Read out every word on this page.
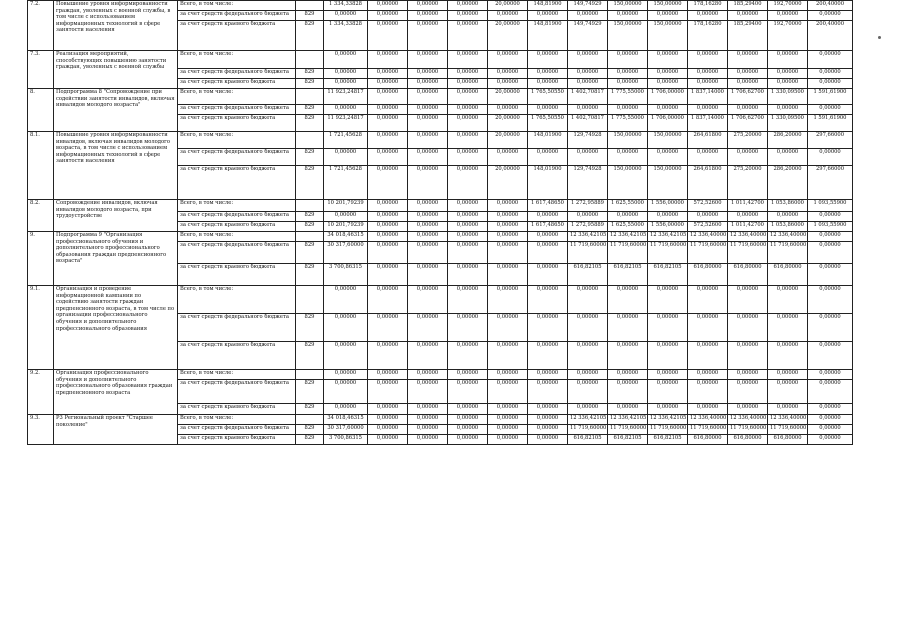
7.2.	Повышение уровня информированности граждан, уволенных с военной службы, в том числе с использованием информационных технологий в сфере занятости населения	Всего, в том числе:		1 334,33828	0,00000	0,00000	0,00000	20,00000	148,81900	149,74929	150,00000	150,00000	178,16280	185,29400	192,70000	200,40000
		за счет средств федерального бюджета	829	0,00000	0,00000	0,00000	0,00000	0,00000	0,00000	0,00000	0,00000	0,00000	0,00000	0,00000	0,00000	0,00000
		за счет средств краевого бюджета	829	1 334,33828	0,00000	0,00000	0,00000	20,00000	148,81900	149,74929	150,00000	150,00000	178,16280	185,29400	192,70000	200,40000
7.3.	Реализация мероприятий, способствующих повышению занятости граждан, уволенных с военной службы	Всего, в том числе:		0,00000	0,00000	0,00000	0,00000	0,00000	0,00000	0,00000	0,00000	0,00000	0,00000	0,00000	0,00000	0,00000
		за счет средств федерального бюджета	829	0,00000	0,00000	0,00000	0,00000	0,00000	0,00000	0,00000	0,00000	0,00000	0,00000	0,00000	0,00000	0,00000
		за счет средств краевого бюджета	829	0,00000	0,00000	0,00000	0,00000	0,00000	0,00000	0,00000	0,00000	0,00000	0,00000	0,00000	0,00000	0,00000
8.	Подпрограмма 8 "Сопровождение при содействии занятости инвалидов, включая инвалидов молодого возраста"	Всего, в том числе:		11 923,24817	0,00000	0,00000	0,00000	20,00000	1 765,50550	1 402,70817	1 775,55000	1 706,00000	1 837,14000	1 706,62700	1 330,09500	1 591,61900
		за счет средств федерального бюджета	829	0,00000	0,00000	0,00000	0,00000	0,00000	0,00000	0,00000	0,00000	0,00000	0,00000	0,00000	0,00000	0,00000
		за счет средств краевого бюджета	829	11 923,24817	0,00000	0,00000	0,00000	20,00000	1 765,50550	1 402,70817	1 775,55000	1 706,00000	1 837,14000	1 706,62700	1 330,09500	1 591,61900
8.1.	Повышение уровня информированности инвалидов, включая инвалидов молодого возраста, в том числе с использованием информационных технологий в сфере занятости населения	Всего, в том числе:		1 721,45628	0,00000	0,00000	0,00000	20,00000	148,01900	129,74928	150,00000	150,00000	264,61800	275,20000	286,20000	297,66000
		за счет средств федерального бюджета	829	0,00000	0,00000	0,00000	0,00000	0,00000	0,00000	0,00000	0,00000	0,00000	0,00000	0,00000	0,00000	0,00000
		за счет средств краевого бюджета	829	1 721,45628	0,00000	0,00000	0,00000	20,00000	148,01900	129,74928	150,00000	150,00000	264,61800	275,20000	286,20000	297,66000
8.2.	Сопровождение инвалидов, включая инвалидов молодого возраста, при трудоустройстве	Всего, в том числе:		10 201,79239	0,00000	0,00000	0,00000	0,00000	1 617,48650	1 272,95889	1 625,55000	1 556,00000	572,52600	1 011,42700	1 053,86000	1 093,55900
		за счет средств федерального бюджета	829	0,00000	0,00000	0,00000	0,00000	0,00000	0,00000	0,00000	0,00000	0,00000	0,00000	0,00000	0,00000	0,00000
		за счет средств краевого бюджета	829	10 201,79239	0,00000	0,00000	0,00000	0,00000	1 617,48650	1 272,95889	1 625,55000	1 556,00000	572,52600	1 011,42700	1 053,86000	1 093,55900
9.	Подпрограмма 9 "Организация профессионального обучения и дополнительного профессионального образования граждан предпенсионного возраста"	Всего, в том числе:		34 018,46315	0,00000	0,00000	0,00000	0,00000	0,00000	12 336,42105	12 336,42105	12 336,42105	12 336,40000	12 336,40000	12 336,40000	0,00000
		за счет средств федерального бюджета	829	30 317,60000	0,00000	0,00000	0,00000	0,00000	0,00000	11 719,60000	11 719,60000	11 719,60000	11 719,60000	11 719,60000	11 719,60000	0,00000
		за счет средств краевого бюджета	829	3 700,86315	0,00000	0,00000	0,00000	0,00000	0,00000	616,82105	616,82105	616,82105	616,80000	616,80000	616,80000	0,00000
9.1.	Организация и проведение информационной кампании по содействию занятости граждан предпенсионного возраста, в том числе по организации профессионального обучения и дополнительного профессионального образования	Всего, в том числе:		0,00000	0,00000	0,00000	0,00000	0,00000	0,00000	0,00000	0,00000	0,00000	0,00000	0,00000	0,00000	0,00000
		за счет средств федерального бюджета	829	0,00000	0,00000	0,00000	0,00000	0,00000	0,00000	0,00000	0,00000	0,00000	0,00000	0,00000	0,00000	0,00000
		за счет средств краевого бюджета	829	0,00000	0,00000	0,00000	0,00000	0,00000	0,00000	0,00000	0,00000	0,00000	0,00000	0,00000	0,00000	0,00000
9.2.	Организация профессионального обучения и дополнительного профессионального образования граждан предпенсионного возраста	Всего, в том числе:		0,00000	0,00000	0,00000	0,00000	0,00000	0,00000	0,00000	0,00000	0,00000	0,00000	0,00000	0,00000	0,00000
		за счет средств федерального бюджета	829	0,00000	0,00000	0,00000	0,00000	0,00000	0,00000	0,00000	0,00000	0,00000	0,00000	0,00000	0,00000	0,00000
		за счет средств краевого бюджета	829	0,00000	0,00000	0,00000	0,00000	0,00000	0,00000	0,00000	0,00000	0,00000	0,00000	0,00000	0,00000	0,00000
9.3.	Р3 Региональный проект "Старшее поколение"	Всего, в том числе:		34 018,46315	0,00000	0,00000	0,00000	0,00000	0,00000	12 336,42105	12 336,42105	12 336,42105	12 336,40000	12 336,40000	12 336,40000	0,00000
		за счет средств федерального бюджета	829	30 317,60000	0,00000	0,00000	0,00000	0,00000	0,00000	11 719,60000	11 719,60000	11 719,60000	11 719,60000	11 719,60000	11 719,60000	0,00000
		за счет средств краевого бюджета	829	3 700,86315	0,00000	0,00000	0,00000	0,00000	0,00000	616,82105	616,82105	616,82105	616,80000	616,80000	616,80000	0,00000
